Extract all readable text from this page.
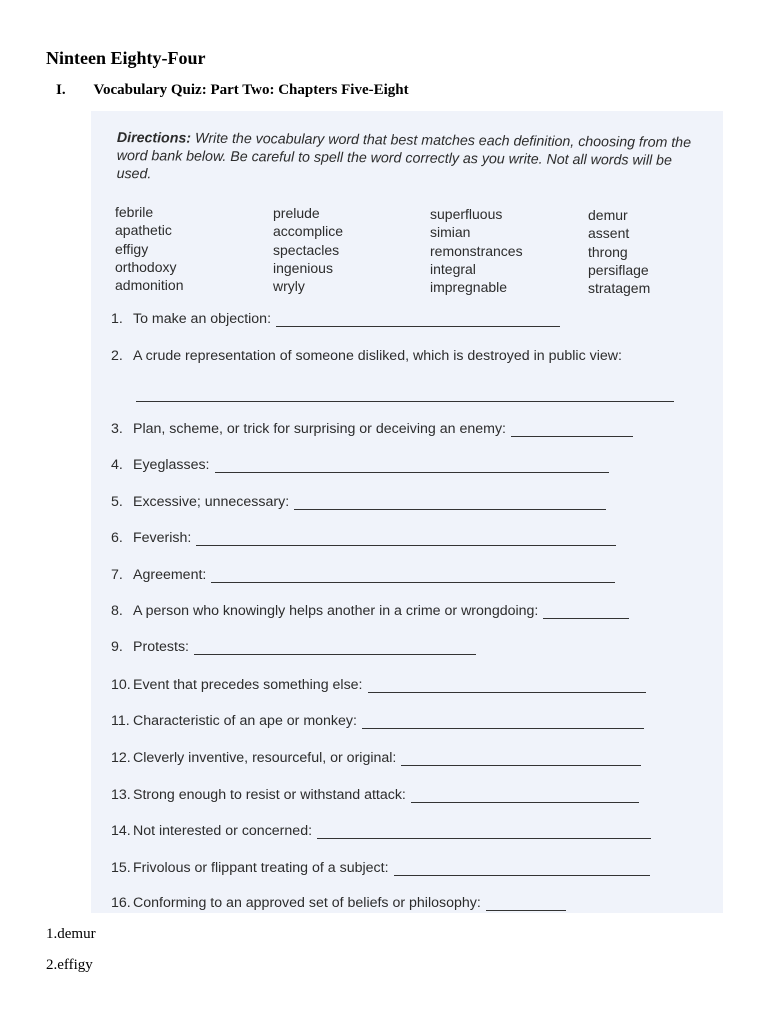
Ninteen Eighty-Four
I. Vocabulary Quiz: Part Two: Chapters Five-Eight
Directions: Write the vocabulary word that best matches each definition, choosing from the word bank below. Be careful to spell the word correctly as you write. Not all words will be used.
febrile
apathetic
effigy
orthodoxy
admonition
prelude
accomplice
spectacles
ingenious
wryly
superfluous
simian
remonstrances
integral
impregnable
demur
assent
throng
persiflage
stratagem
1. To make an objection:
2. A crude representation of someone disliked, which is destroyed in public view:
3. Plan, scheme, or trick for surprising or deceiving an enemy:
4. Eyeglasses:
5. Excessive; unnecessary:
6. Feverish:
7. Agreement:
8. A person who knowingly helps another in a crime or wrongdoing:
9. Protests:
10. Event that precedes something else:
11. Characteristic of an ape or monkey:
12. Cleverly inventive, resourceful, or original:
13. Strong enough to resist or withstand attack:
14. Not interested or concerned:
15. Frivolous or flippant treating of a subject:
16. Conforming to an approved set of beliefs or philosophy:
1.demur
2.effigy
